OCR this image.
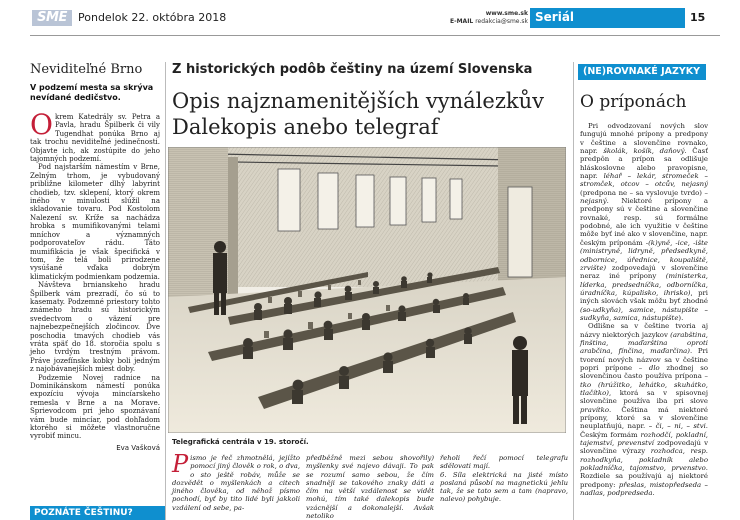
SME	Pondelok 22. októbra 2018	www.sme.sk
E-MAIL redakcia@sme.sk Seriál	15
Neviditeľné Brno
V podzemí mesta sa skrýva nevídané dedičstvo.

Okrem Katedrály sv. Petra a Pavla, hradu Špilberk či vily Tugendhat ponúka Brno aj tak trochu neviditeľné jedinečnosti. Objavte ich, ak zostúpite do jeho tajomných podzemí.

Pod najstarším námestím v Brne, Zelným trhom, je vybudovaný približne kilometer dlhý labyrint chodieb, tzv. sklepení, ktorý okrem iného v minulosti slúžil na skladovanie tovaru. Pod Kostolom Nalezení sv. Kríže sa nachádza hrobka s mumifikovanými telami mníchov a významných podporovateľov rádu. Táto mumifikácia je však špecifická v tom, že telá boli prirodzene vysúšané vďaka dobrým klimatickým podmienkam podzemia.

Návšteva brnianskeho hradu Špilberk vám prezradí, čo sú to kasematy. Podzemné priestory tohto známeho hradu sú historickým svedectvom o väzení pre najnebezpečnejších zločincov. Dve poschodia tmavých chodieb vás vráta späť do 18. storočia spolu s jeho tvrdým trestným právom. Práve jozefínske kobky boli jedným z najobávanejších miest doby.

Podzemie Novej radnice na Dominikánskom námestí ponúka expozíciu vývoja mincíarskeho remesla v Brne a na Morave. Sprievodcom pri jeho spoznávaní vám bude mincíar, pod dohľadom ktorého si môžete vlastnoručne vyrobiť mincu.

Eva Vašková
POZNÁTE ČEŠTINU?
Z historických podôb češtiny na území Slovenska
Opis najznamenitějších vynálezkův
Dalekopis anebo telegraf
Telegrafická centrála v 19. storočí.
Pismo je řeč zhmotnělá, jejížto pomocí jiný člověk o rok, o dva, o sto ještě robáv, může se dozvědět o myšlenkách a citech jiného člověka, od něhož písmo pochodí, byť by tito lidé byli jakkoli vzdálení od sebe, pa-
předběžně mezi sebou shovořily) myšlenky své najevo dávaji. To pak se rozumí samo sebou, že čím snadněji se takového znaky dáti a čím na větší vzdálenost se vidět mohú, tím také dalekopis bude vzácnější a dokonalejší. Avšak netoliko
řeholi řečí pomocí telegrafu sdělovati mají.
6. Síla elektrická na jisté místo poslaná působí na magnetickú jehlu tak, že se tato sem a tam (napravo, nalevo) pohybuje.
(NE)ROVNAKÉ JAZYKY
O príponách

Pri odvodzovaní nových slov fungujú mnohé prípony a predpony v češtine a slovenčine rovnako, napr. školák, košík, daňový. Časť predpôn a prípon sa odlišuje hláskoslovne alebo pravopisne, napr. léhař – lekár, stromeček – stromček, otcov – otcův, nejasný (predpona ne – sa vyslovuje tvrdo) – nejasný. Niektoré prípony a predpony sú v češtine a slovenčine rovnaké, resp. sú formálne podobné, ale ich využitie v češtine môže byť iné ako v slovenčine, napr. českým príponám -(k)yně, -ice, -ište (ministryně, lidryně, předsedkyně, odbornice, úřednice, koupaliště, zrvište) zodpovedajú v slovenčine neraz iné prípony (ministerka, líderka, predsedníčka, odborníčka, úradníčka, kúpalisko, ihrisko), pri iných slovách však môžu byť zhodné (so-udkyňa), samice, nástupište – sudkyňa, samica, nástupište).

Odlišne sa v češtine tvoria aj názvy niektorých jazykov (arabština, finština, maďarština oproti arabčina, fínčina, maďarčina). Pri tvorení nových názvov sa v češtine popri prípone – dlo zhodnej so slovenčinou často používa prípona – tko (hrúžitko, lehátko, skuhátko, tlačítko), ktorá sa v spisovnej slovenčine používa iba pri slove pravítko. Čeština má niektoré prípony, ktoré sa v slovenčine neuplatňujú, napr. – či, – ni, – stvi. Českým formám rozhodčí, pokladní, tajemství, prevenství zodpovedajú v slovenčine výrazy rozhodca, resp. rozhodkyňa, pokladník alebo pokladníčka, tajomstvo, prvenstvo. Rozdiele sa používajú aj niektoré predpony: přeslas, mistopředseda – nadlas, podpredseda.
